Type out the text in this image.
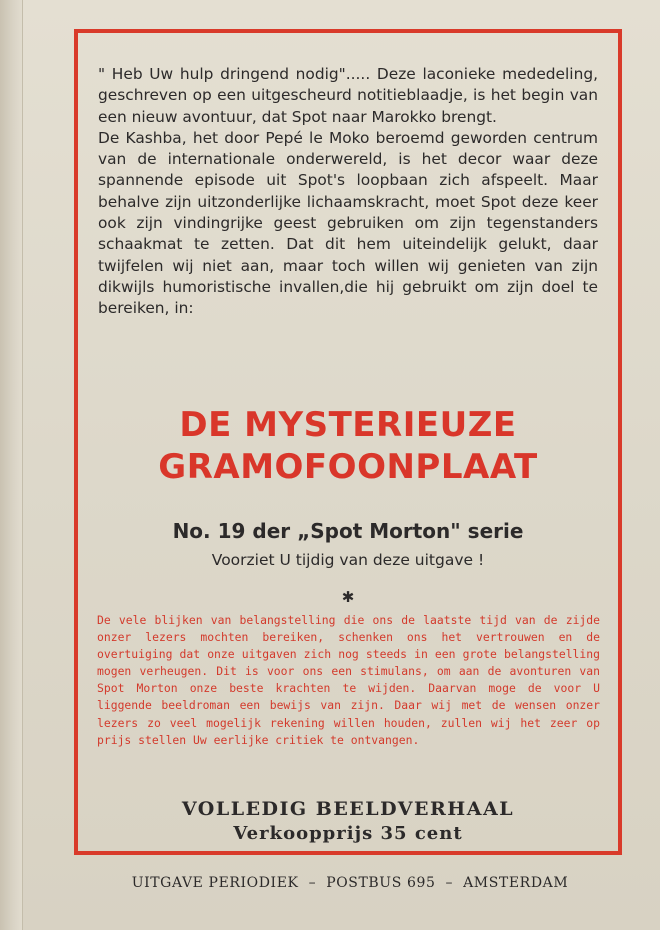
" Heb Uw hulp dringend nodig"..... Deze laconieke mededeling, geschreven op een uitgescheurd notitieblaadje, is het begin van een nieuw avontuur, dat Spot naar Marokko brengt.

De Kashba, het door Pepé le Moko beroemd geworden centrum van de internationale onderwereld, is het decor waar deze spannende episode uit Spot's loopbaan zich afspeelt. Maar behalve zijn uitzonderlijke lichaamskracht, moet Spot deze keer ook zijn vindingrijke geest gebruiken om zijn tegenstanders schaakmat te zetten. Dat dit hem uiteindelijk gelukt, daar twijfelen wij niet aan, maar toch willen wij genieten van zijn dikwijls humoristische invallen,die hij gebruikt om zijn doel te bereiken, in:

DE MYSTERIEUZE
GRAMOFOONPLAAT
No. 19 der „Spot Morton" serie
Voorziet U tijdig van deze uitgave !
✱

De vele blijken van belangstelling die ons de laatste tijd van de zijde onzer lezers mochten bereiken, schenken ons het vertrouwen en de overtuiging dat onze uitgaven zich nog steeds in een grote belangstelling mogen verheugen. Dit is voor ons een stimulans, om aan de avonturen van Spot Morton onze beste krachten te wijden. Daarvan moge de voor U liggende beeldroman een bewijs van zijn. Daar wij met de wensen onzer lezers zo veel mogelijk rekening willen houden, zullen wij het zeer op prijs stellen Uw eerlijke critiek te ontvangen.

VOLLEDIG BEELDVERHAAL
Verkoopprijs 35 cent
UITGAVE PERIODIEK – POSTBUS 695 – AMSTERDAM
